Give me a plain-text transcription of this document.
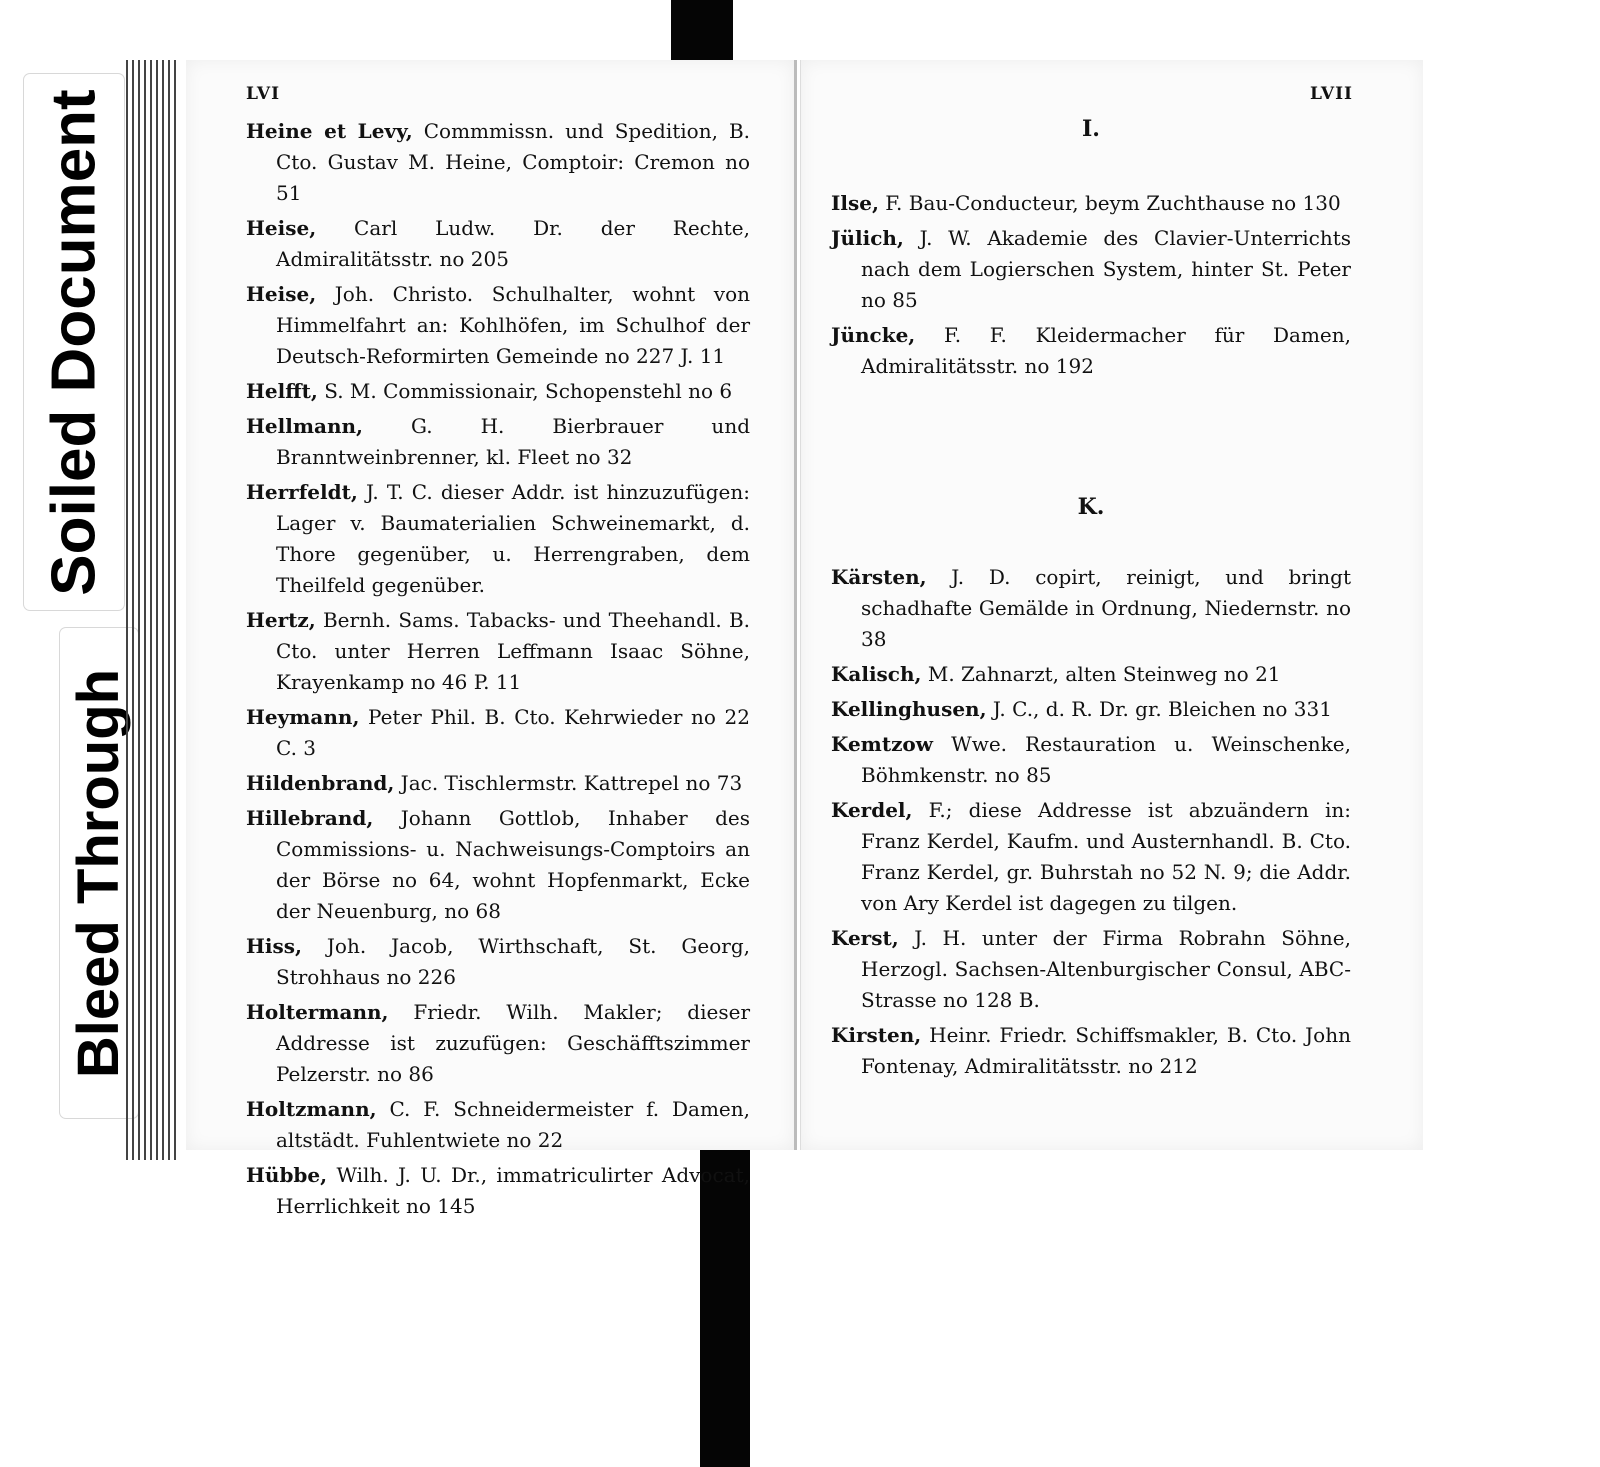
Soiled Document
Bleed Through
LVI

Heine et Levy, Commmissn. und Spedition, B. Cto. Gustav M. Heine, Comptoir: Cremon no 51

Heise, Carl Ludw. Dr. der Rechte, Admiralitätsstr. no 205

Heise, Joh. Christo. Schulhalter, wohnt von Himmelfahrt an: Kohlhöfen, im Schulhof der Deutsch-Reformirten Gemeinde no 227 J. 11

Helfft, S. M. Commissionair, Schopenstehl no 6

Hellmann, G. H. Bierbrauer und Branntweinbrenner, kl. Fleet no 32

Herrfeldt, J. T. C. dieser Addr. ist hinzuzufügen: Lager v. Baumaterialien Schweinemarkt, d. Thore gegenüber, u. Herrengraben, dem Theilfeld gegenüber.

Hertz, Bernh. Sams. Tabacks- und Theehandl. B. Cto. unter Herren Leffmann Isaac Söhne, Krayenkamp no 46 P. 11

Heymann, Peter Phil. B. Cto. Kehrwieder no 22 C. 3

Hildenbrand, Jac. Tischlermstr. Kattrepel no 73

Hillebrand, Johann Gottlob, Inhaber des Commissions- u. Nachweisungs-Comptoirs an der Börse no 64, wohnt Hopfenmarkt, Ecke der Neuenburg, no 68

Hiss, Joh. Jacob, Wirthschaft, St. Georg, Strohhaus no 226

Holtermann, Friedr. Wilh. Makler; dieser Addresse ist zuzufügen: Geschäfftszimmer Pelzerstr. no 86

Holtzmann, C. F. Schneidermeister f. Damen, altstädt. Fuhlentwiete no 22

Hübbe, Wilh. J. U. Dr., immatriculirter Advocat, Herrlichkeit no 145

LVII

I.

Ilse, F. Bau-Conducteur, beym Zuchthause no 130

Jülich, J. W. Akademie des Clavier-Unterrichts nach dem Logierschen System, hinter St. Peter no 85

Jüncke, F. F. Kleidermacher für Damen, Admiralitätsstr. no 192

K.

Kärsten, J. D. copirt, reinigt, und bringt schadhafte Gemälde in Ordnung, Niedernstr. no 38

Kalisch, M. Zahnarzt, alten Steinweg no 21

Kellinghusen, J. C., d. R. Dr. gr. Bleichen no 331

Kemtzow Wwe. Restauration u. Weinschenke, Böhmkenstr. no 85

Kerdel, F.; diese Addresse ist abzuändern in: Franz Kerdel, Kaufm. und Austernhandl. B. Cto. Franz Kerdel, gr. Buhrstah no 52 N. 9; die Addr. von Ary Kerdel ist dagegen zu tilgen.

Kerst, J. H. unter der Firma Robrahn Söhne, Herzogl. Sachsen-Altenburgischer Consul, ABC-Strasse no 128 B.

Kirsten, Heinr. Friedr. Schiffsmakler, B. Cto. John Fontenay, Admiralitätsstr. no 212
